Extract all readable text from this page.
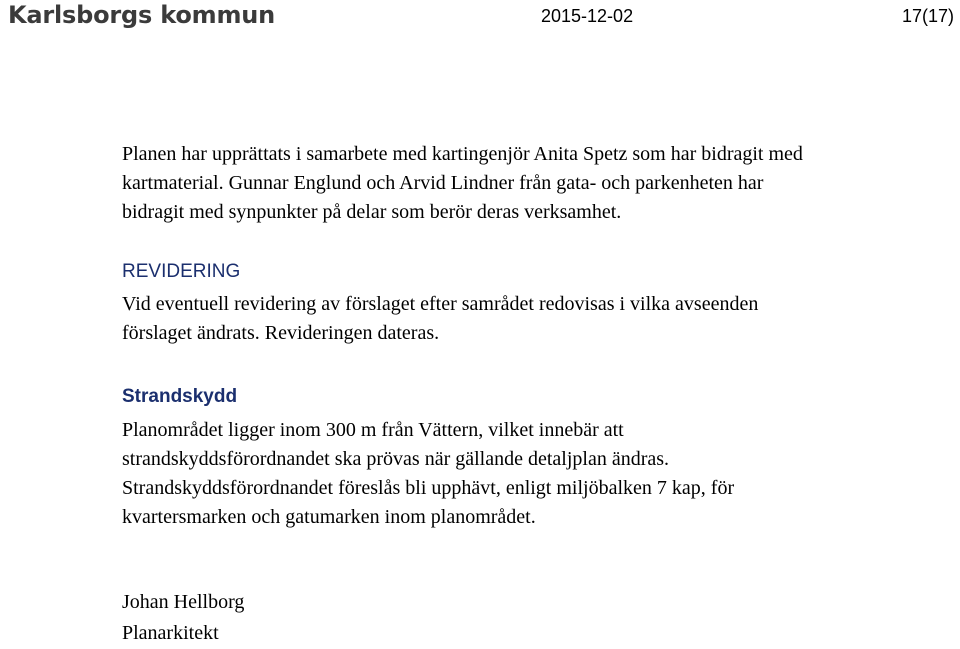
Karlsborgs kommun	2015-12-02	17(17)

Planen har upprättats i samarbete med kartingenjör Anita Spetz som har bidragit med
kartmaterial. Gunnar Englund och Arvid Lindner från gata- och parkenheten har
bidragit med synpunkter på delar som berör deras verksamhet.

REVIDERING

Vid eventuell revidering av förslaget efter samrådet redovisas i vilka avseenden
förslaget ändrats. Revideringen dateras.

Strandskydd

Planområdet ligger inom 300 m från Vättern, vilket innebär att
strandskyddsförordnandet ska prövas när gällande detaljplan ändras.
Strandskyddsförordnandet föreslås bli upphävt, enligt miljöbalken 7 kap, för
kvartersmarken och gatumarken inom planområdet.

Johan Hellborg
Planarkitekt
